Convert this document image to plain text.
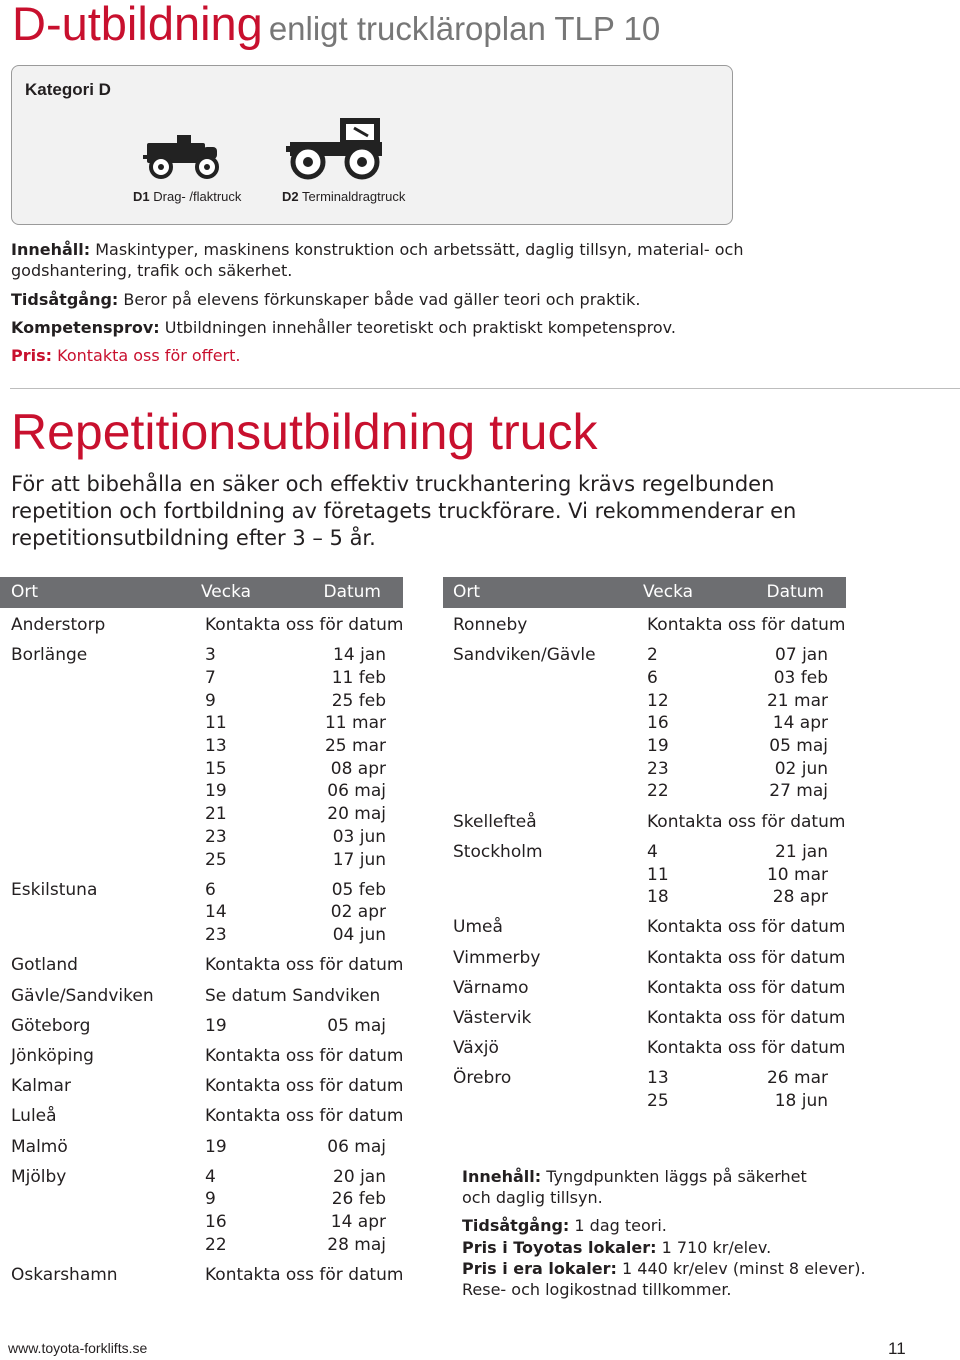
D-utbildning enligt truckläroplan TLP 10
Kategori D
D1 Drag- /flaktruck	D2 Terminaldragtruck
Innehåll: Maskintyper, maskinens konstruktion och arbetssätt, daglig tillsyn, material- och
godshantering, trafik och säkerhet.
Tidsåtgång: Beror på elevens förkunskaper både vad gäller teori och praktik.
Kompetensprov: Utbildningen innehåller teoretiskt och praktiskt kompetensprov.
Pris: Kontakta oss för offert.
Repetitionsutbildning truck
För att bibehålla en säker och effektiv truckhantering krävs regelbunden
repetition och fortbildning av företagets truckförare. Vi rekommenderar en
repetitionsutbildning efter 3 – 5 år.
Ort	Vecka	Datum	Ort	Vecka	Datum
Anderstorp	Kontakta oss för datum
Borlänge	3	14 jan
7	11 feb
9	25 feb
11	11 mar
13	25 mar
15	08 apr
19	06 maj
21	20 maj
23	03 jun
25	17 jun
Eskilstuna	6	05 feb
14	02 apr
23	04 jun
Gotland	Kontakta oss för datum
Gävle/Sandviken	Se datum Sandviken
Göteborg	19	05 maj
Jönköping	Kontakta oss för datum
Kalmar	Kontakta oss för datum
Luleå	Kontakta oss för datum
Malmö	19	06 maj
Mjölby	4	20 jan
9	26 feb
16	14 apr
22	28 maj
Oskarshamn	Kontakta oss för datum
Ronneby	Kontakta oss för datum
Sandviken/Gävle	2	07 jan
6	03 feb
12	21 mar
16	14 apr
19	05 maj
23	02 jun
22	27 maj
Skellefteå	Kontakta oss för datum
Stockholm	4	21 jan
11	10 mar
18	28 apr
Umeå	Kontakta oss för datum
Vimmerby	Kontakta oss för datum
Värnamo	Kontakta oss för datum
Västervik	Kontakta oss för datum
Växjö	Kontakta oss för datum
Örebro	13	26 mar
25	18 jun
Innehåll: Tyngdpunkten läggs på säkerhet
och daglig tillsyn.
Tidsåtgång: 1 dag teori.
Pris i Toyotas lokaler: 1 710 kr/elev.
Pris i era lokaler: 1 440 kr/elev (minst 8 elever).
Rese- och logikostnad tillkommer.
www.toyota-forklifts.se	11
